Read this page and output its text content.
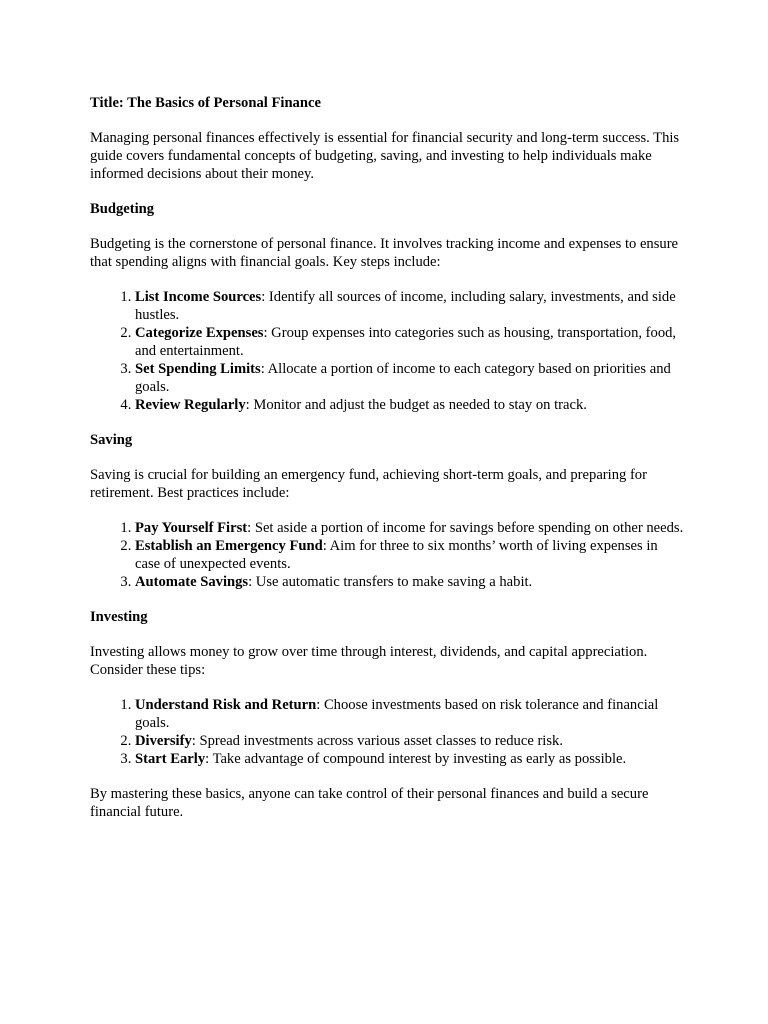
Title: The Basics of Personal Finance

Managing personal finances effectively is essential for financial security and long-term success. This guide covers fundamental concepts of budgeting, saving, and investing to help individuals make informed decisions about their money.

Budgeting

Budgeting is the cornerstone of personal finance. It involves tracking income and expenses to ensure that spending aligns with financial goals. Key steps include:

1. List Income Sources: Identify all sources of income, including salary, investments, and side hustles.
2. Categorize Expenses: Group expenses into categories such as housing, transportation, food, and entertainment.
3. Set Spending Limits: Allocate a portion of income to each category based on priorities and goals.
4. Review Regularly: Monitor and adjust the budget as needed to stay on track.
Saving

Saving is crucial for building an emergency fund, achieving short-term goals, and preparing for retirement. Best practices include:

1. Pay Yourself First: Set aside a portion of income for savings before spending on other needs.
2. Establish an Emergency Fund: Aim for three to six months’ worth of living expenses in case of unexpected events.
3. Automate Savings: Use automatic transfers to make saving a habit.
Investing

Investing allows money to grow over time through interest, dividends, and capital appreciation. Consider these tips:

1. Understand Risk and Return: Choose investments based on risk tolerance and financial goals.
2. Diversify: Spread investments across various asset classes to reduce risk.
3. Start Early: Take advantage of compound interest by investing as early as possible.

By mastering these basics, anyone can take control of their personal finances and build a secure financial future.
